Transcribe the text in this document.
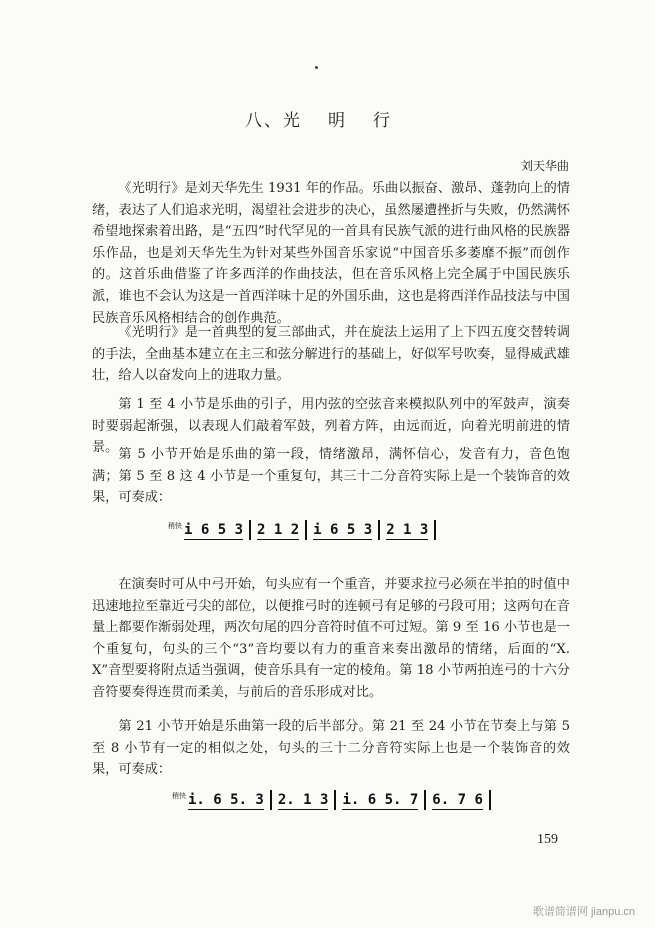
八、光 明 行
刘天华曲

《光明行》是刘天华先生 1931 年的作品。乐曲以振奋、激昂、蓬勃向上的情绪，表达了人们追求光明，渴望社会进步的决心，虽然屡遭挫折与失败，仍然满怀希望地探索着出路，是“五四”时代罕见的一首具有民族气派的进行曲风格的民族器乐作品，也是刘天华先生为针对某些外国音乐家说“中国音乐多萎靡不振”而创作的。这首乐曲借鉴了许多西洋的作曲技法，但在音乐风格上完全属于中国民族乐派，谁也不会认为这是一首西洋味十足的外国乐曲，这也是将西洋作品技法与中国民族音乐风格相结合的创作典范。

《光明行》是一首典型的复三部曲式，并在旋法上运用了上下四五度交替转调的手法，全曲基本建立在主三和弦分解进行的基础上，好似军号吹奏，显得威武雄壮，给人以奋发向上的进取力量。

第 1 至 4 小节是乐曲的引子，用内弦的空弦音来模拟队列中的军鼓声，演奏时要弱起渐强，以表现人们敲着军鼓，列着方阵，由远而近，向着光明前进的情景。 第 5 小节开始是乐曲的第一段，情绪激昂，满怀信心，发音有力，音色饱满；第 5 至 8 这 4 小节是一个重复句，其三十二分音符实际上是一个装饰音的效果，可奏成：

稍快 i 6 5 3 2 1 2 i 6 5 3 2 1 3

在演奏时可从中弓开始，句头应有一个重音，并要求拉弓必须在半拍的时值中迅速地拉至靠近弓尖的部位，以便推弓时的连顿弓有足够的弓段可用；这两句在音量上都要作渐弱处理，两次句尾的四分音符时值不可过短。第 9 至 16 小节也是一个重复句，句头的三个“3”音均要以有力的重音来奏出激昂的情绪，后面的“X. X”音型要将附点适当强调，使音乐具有一定的棱角。第 18 小节两拍连弓的十六分音符要奏得连贯而柔美，与前后的音乐形成对比。

第 21 小节开始是乐曲第一段的后半部分。第 21 至 24 小节在节奏上与第 5 至 8 小节有一定的相似之处，句头的三十二分音符实际上也是一个装饰音的效果，可奏成：

稍快 i. 6 5. 3 2. 1 3 i. 6 5. 7 6. 7 6
159
歌谱简谱网 jianpu.cn
